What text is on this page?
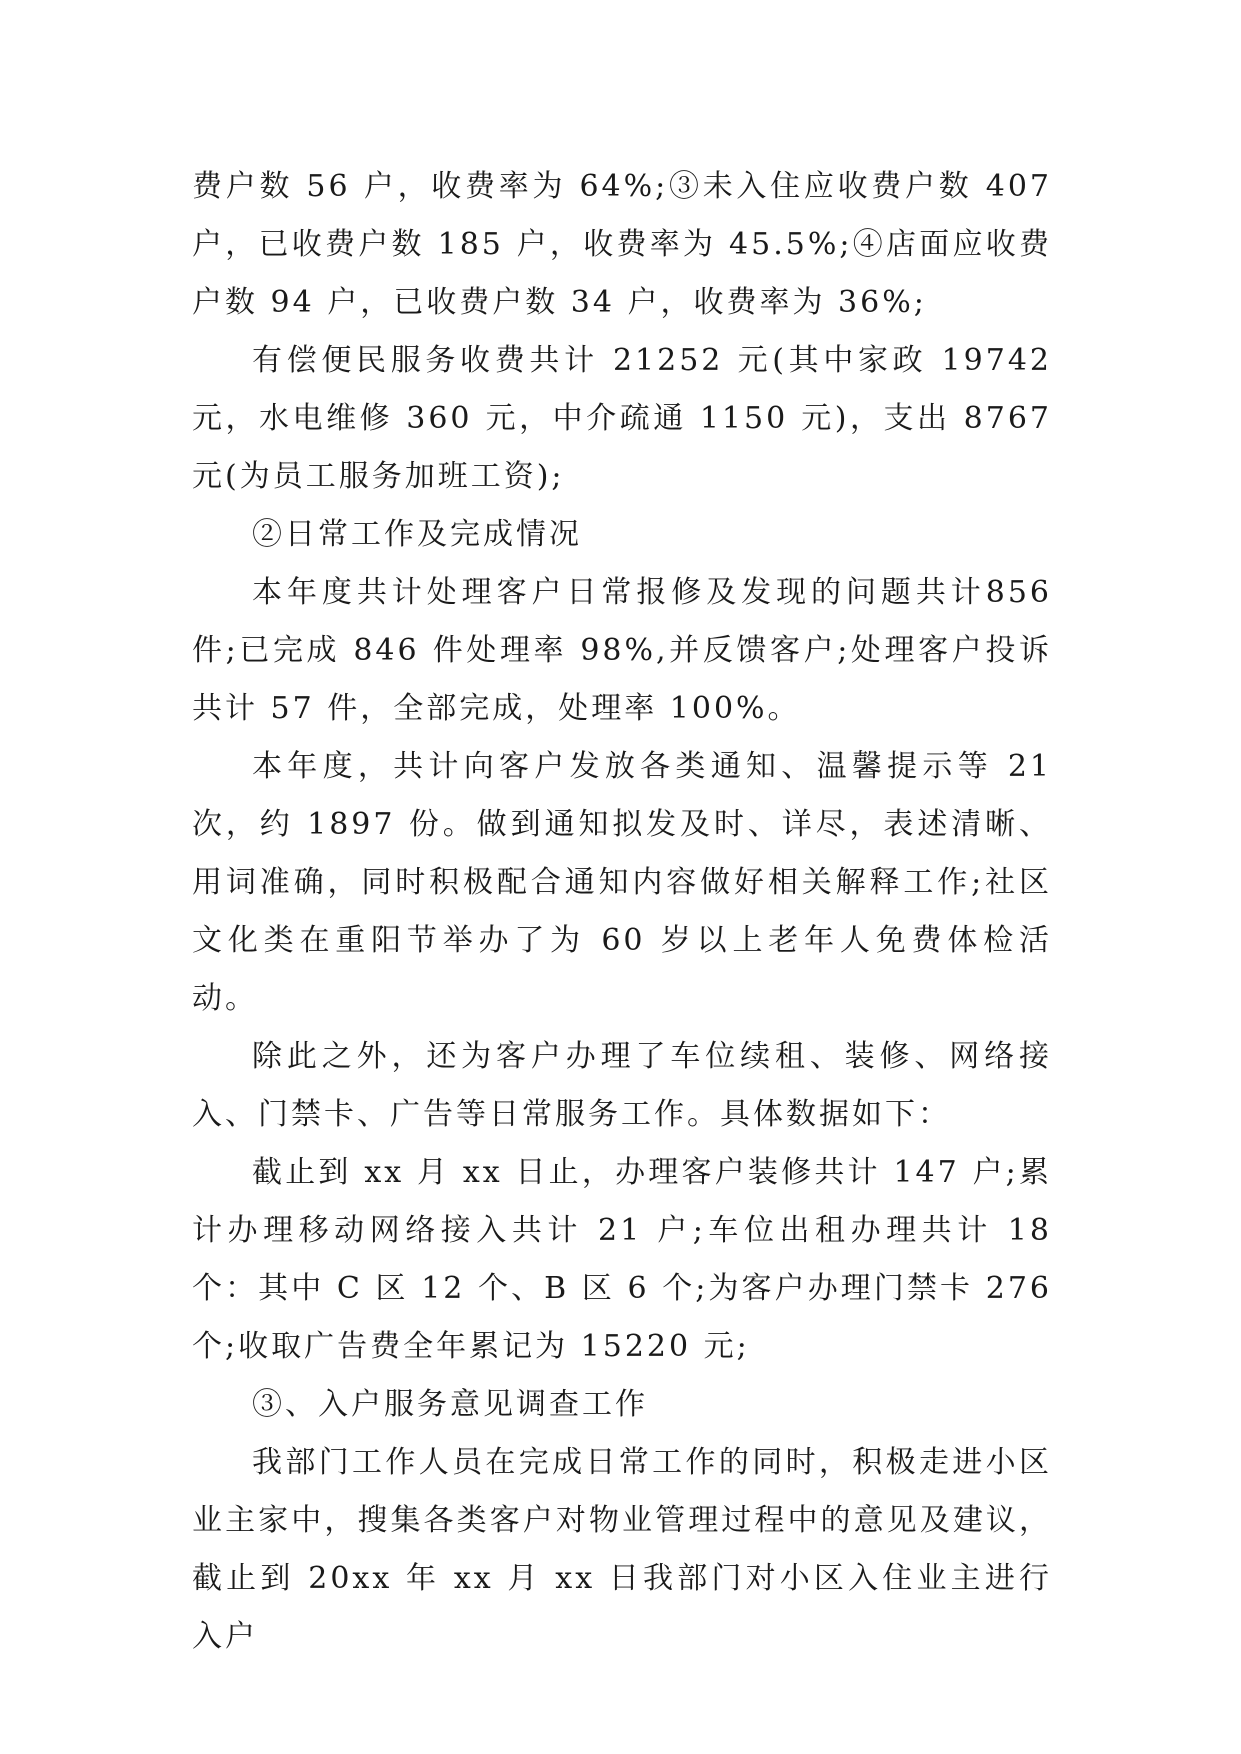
费户数 56 户，收费率为 64%;③未入住应收费户数 407 户，已收费户数 185 户，收费率为 45.5%;④店面应收费户数 94 户，已收费户数 34 户，收费率为 36%;

有偿便民服务收费共计 21252 元(其中家政 19742 元，水电维修 360 元，中介疏通 1150 元)，支出 8767 元(为员工服务加班工资);

②日常工作及完成情况

本年度共计处理客户日常报修及发现的问题共计856件;已完成 846 件处理率 98%,并反馈客户;处理客户投诉共计 57 件，全部完成，处理率 100%。

本年度，共计向客户发放各类通知、温馨提示等 21 次，约 1897 份。做到通知拟发及时、详尽，表述清晰、用词准确，同时积极配合通知内容做好相关解释工作;社区文化类在重阳节举办了为 60 岁以上老年人免费体检活动。

除此之外，还为客户办理了车位续租、装修、网络接入、门禁卡、广告等日常服务工作。具体数据如下：

截止到 xx 月 xx 日止，办理客户装修共计 147 户;累计办理移动网络接入共计 21 户;车位出租办理共计 18 个：其中 C 区 12 个、B 区 6 个;为客户办理门禁卡 276 个;收取广告费全年累记为 15220 元;

③、入户服务意见调查工作

我部门工作人员在完成日常工作的同时，积极走进小区业主家中，搜集各类客户对物业管理过程中的意见及建议，截止到 20xx 年 xx 月 xx 日我部门对小区入住业主进行入户
